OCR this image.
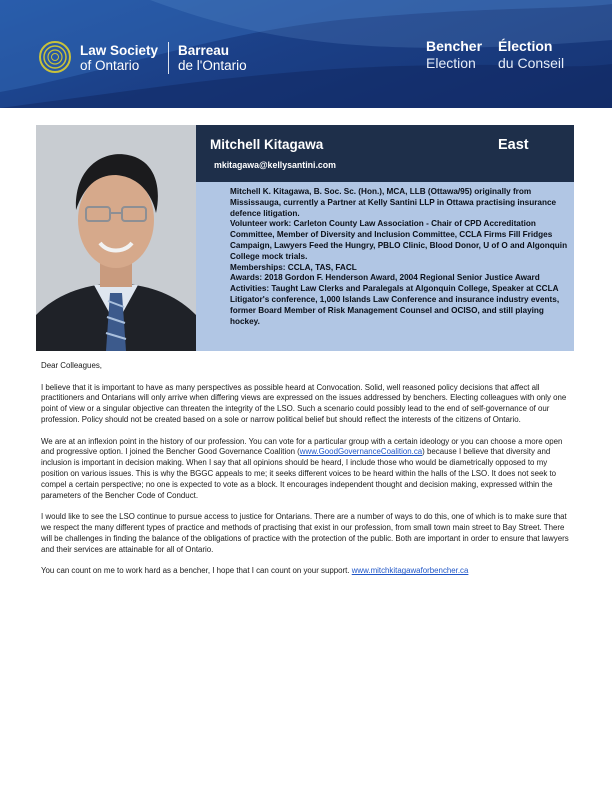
Law Society
of Ontario
Barreau
de l'Ontario
Bencher
Election
Élection
du Conseil
Mitchell Kitagawa	East
mkitagawa@kellysantini.com

Mitchell K. Kitagawa, B. Soc. Sc. (Hon.), MCA, LLB (Ottawa/95) originally from Mississauga, currently a Partner at Kelly Santini LLP in Ottawa practising insurance defence litigation.

Volunteer work: Carleton County Law Association - Chair of CPD Accreditation Committee, Member of Diversity and Inclusion Committee, CCLA Firms Fill Fridges Campaign, Lawyers Feed the Hungry, PBLO Clinic, Blood Donor, U of O and Algonquin College mock trials.

Memberships: CCLA, TAS, FACL

Awards: 2018 Gordon F. Henderson Award, 2004 Regional Senior Justice Award

Activities: Taught Law Clerks and Paralegals at Algonquin College, Speaker at CCLA Litigator's conference, 1,000 Islands Law Conference and insurance industry events, former Board Member of Risk Management Counsel and OCISO, and still playing hockey.

Dear Colleagues,

I believe that it is important to have as many perspectives as possible heard at Convocation. Solid, well reasoned policy decisions that affect all practitioners and Ontarians will only arrive when differing views are expressed on the issues addressed by benchers. Electing colleagues with only one point of view or a singular objective can threaten the integrity of the LSO. Such a scenario could possibly lead to the end of self-governance of our profession. Policy should not be created based on a sole or narrow political belief but should reflect the interests of the citizens of Ontario.

We are at an inflexion point in the history of our profession. You can vote for a particular group with a certain ideology or you can choose a more open and progressive option. I joined the Bencher Good Governance Coalition (www.GoodGovernanceCoalition.ca) because I believe that diversity and inclusion is important in decision making. When I say that all opinions should be heard, I include those who would be diametrically opposed to my position on various issues. This is why the BGGC appeals to me; it seeks different voices to be heard within the halls of the LSO. It does not seek to compel a certain perspective; no one is expected to vote as a block. It encourages independent thought and decision making, expressed within the parameters of the Bencher Code of Conduct.

I would like to see the LSO continue to pursue access to justice for Ontarians. There are a number of ways to do this, one of which is to make sure that we respect the many different types of practice and methods of practising that exist in our profession, from small town main street to Bay Street. There will be challenges in finding the balance of the obligations of practice with the protection of the public. Both are important in order to ensure that lawyers and their services are attainable for all of Ontario.

You can count on me to work hard as a bencher, I hope that I can count on your support. www.mitchkitagawaforbencher.ca
